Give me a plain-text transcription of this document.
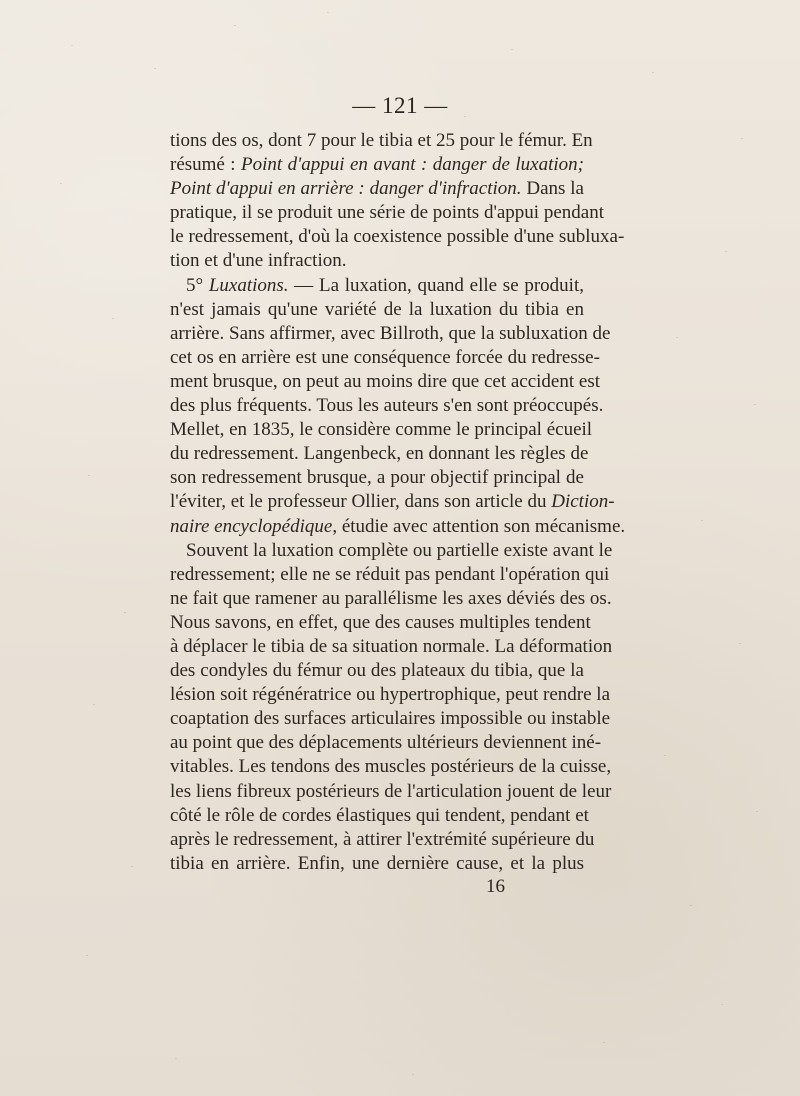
— 121 —
tions des os, dont 7 pour le tibia et 25 pour le fémur. En
résumé : Point d'appui en avant : danger de luxation;
Point d'appui en arrière : danger d'infraction. Dans la
pratique, il se produit une série de points d'appui pendant
le redressement, d'où la coexistence possible d'une subluxa-
tion et d'une infraction.
5° Luxations. — La luxation, quand elle se produit,
n'est jamais qu'une variété de la luxation du tibia en
arrière. Sans affirmer, avec Billroth, que la subluxation de
cet os en arrière est une conséquence forcée du redresse-
ment brusque, on peut au moins dire que cet accident est
des plus fréquents. Tous les auteurs s'en sont préoccupés.
Mellet, en 1835, le considère comme le principal écueil
du redressement. Langenbeck, en donnant les règles de
son redressement brusque, a pour objectif principal de
l'éviter, et le professeur Ollier, dans son article du Diction-
naire encyclopédique, étudie avec attention son mécanisme.
Souvent la luxation complète ou partielle existe avant le
redressement; elle ne se réduit pas pendant l'opération qui
ne fait que ramener au parallélisme les axes déviés des os.
Nous savons, en effet, que des causes multiples tendent
à déplacer le tibia de sa situation normale. La déformation
des condyles du fémur ou des plateaux du tibia, que la
lésion soit régénératrice ou hypertrophique, peut rendre la
coaptation des surfaces articulaires impossible ou instable
au point que des déplacements ultérieurs deviennent iné-
vitables. Les tendons des muscles postérieurs de la cuisse,
les liens fibreux postérieurs de l'articulation jouent de leur
côté le rôle de cordes élastiques qui tendent, pendant et
après le redressement, à attirer l'extrémité supérieure du
tibia en arrière. Enfin, une dernière cause, et la plus
16
